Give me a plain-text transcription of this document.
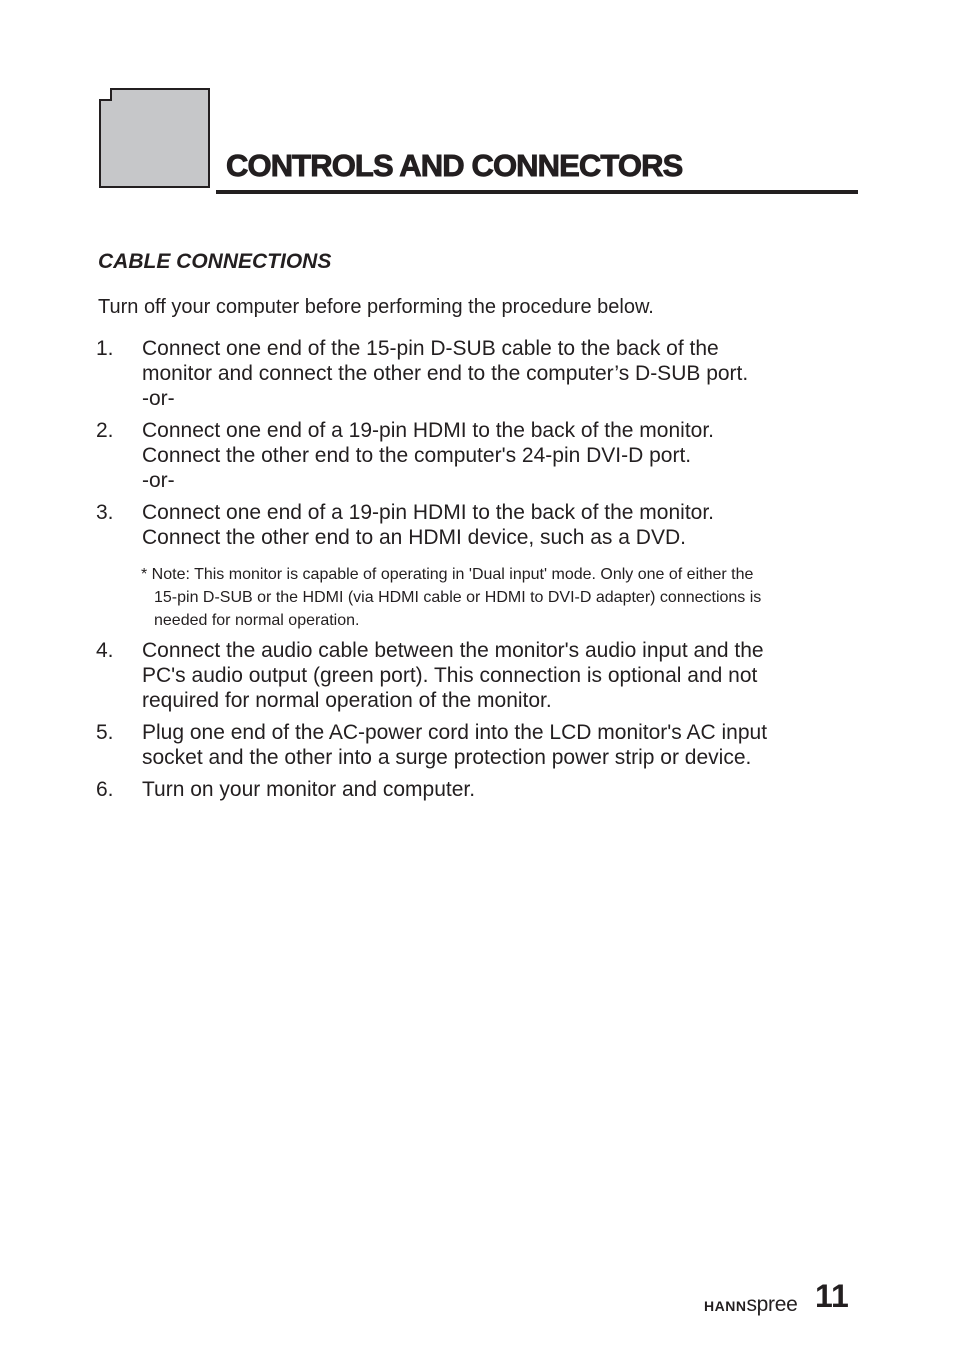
CONTROLS AND CONNECTORS
CABLE CONNECTIONS
Turn off your computer before performing the procedure below.
1. Connect one end of the 15-pin D-SUB cable to the back of the
monitor and connect the other end to the computer’s D-SUB port.
-or-
2. Connect one end of a 19-pin HDMI to the back of the monitor.
Connect the other end to the computer's 24-pin DVI-D port.
-or-
3. Connect one end of a 19-pin HDMI to the back of the monitor.
Connect the other end to an HDMI device, such as a DVD.
* Note: This monitor is capable of operating in 'Dual input' mode. Only one of either the
15-pin D-SUB or the HDMI (via HDMI cable or HDMI to DVI-D adapter) connections is
needed for normal operation.
4. Connect the audio cable between the monitor's audio input and the
PC's audio output (green port). This connection is optional and not
required for normal operation of the monitor.
5. Plug one end of the AC-power cord into the LCD monitor's AC input
socket and the other into a surge protection power strip or device.
6. Turn on your monitor and computer.
HANNspree 11
